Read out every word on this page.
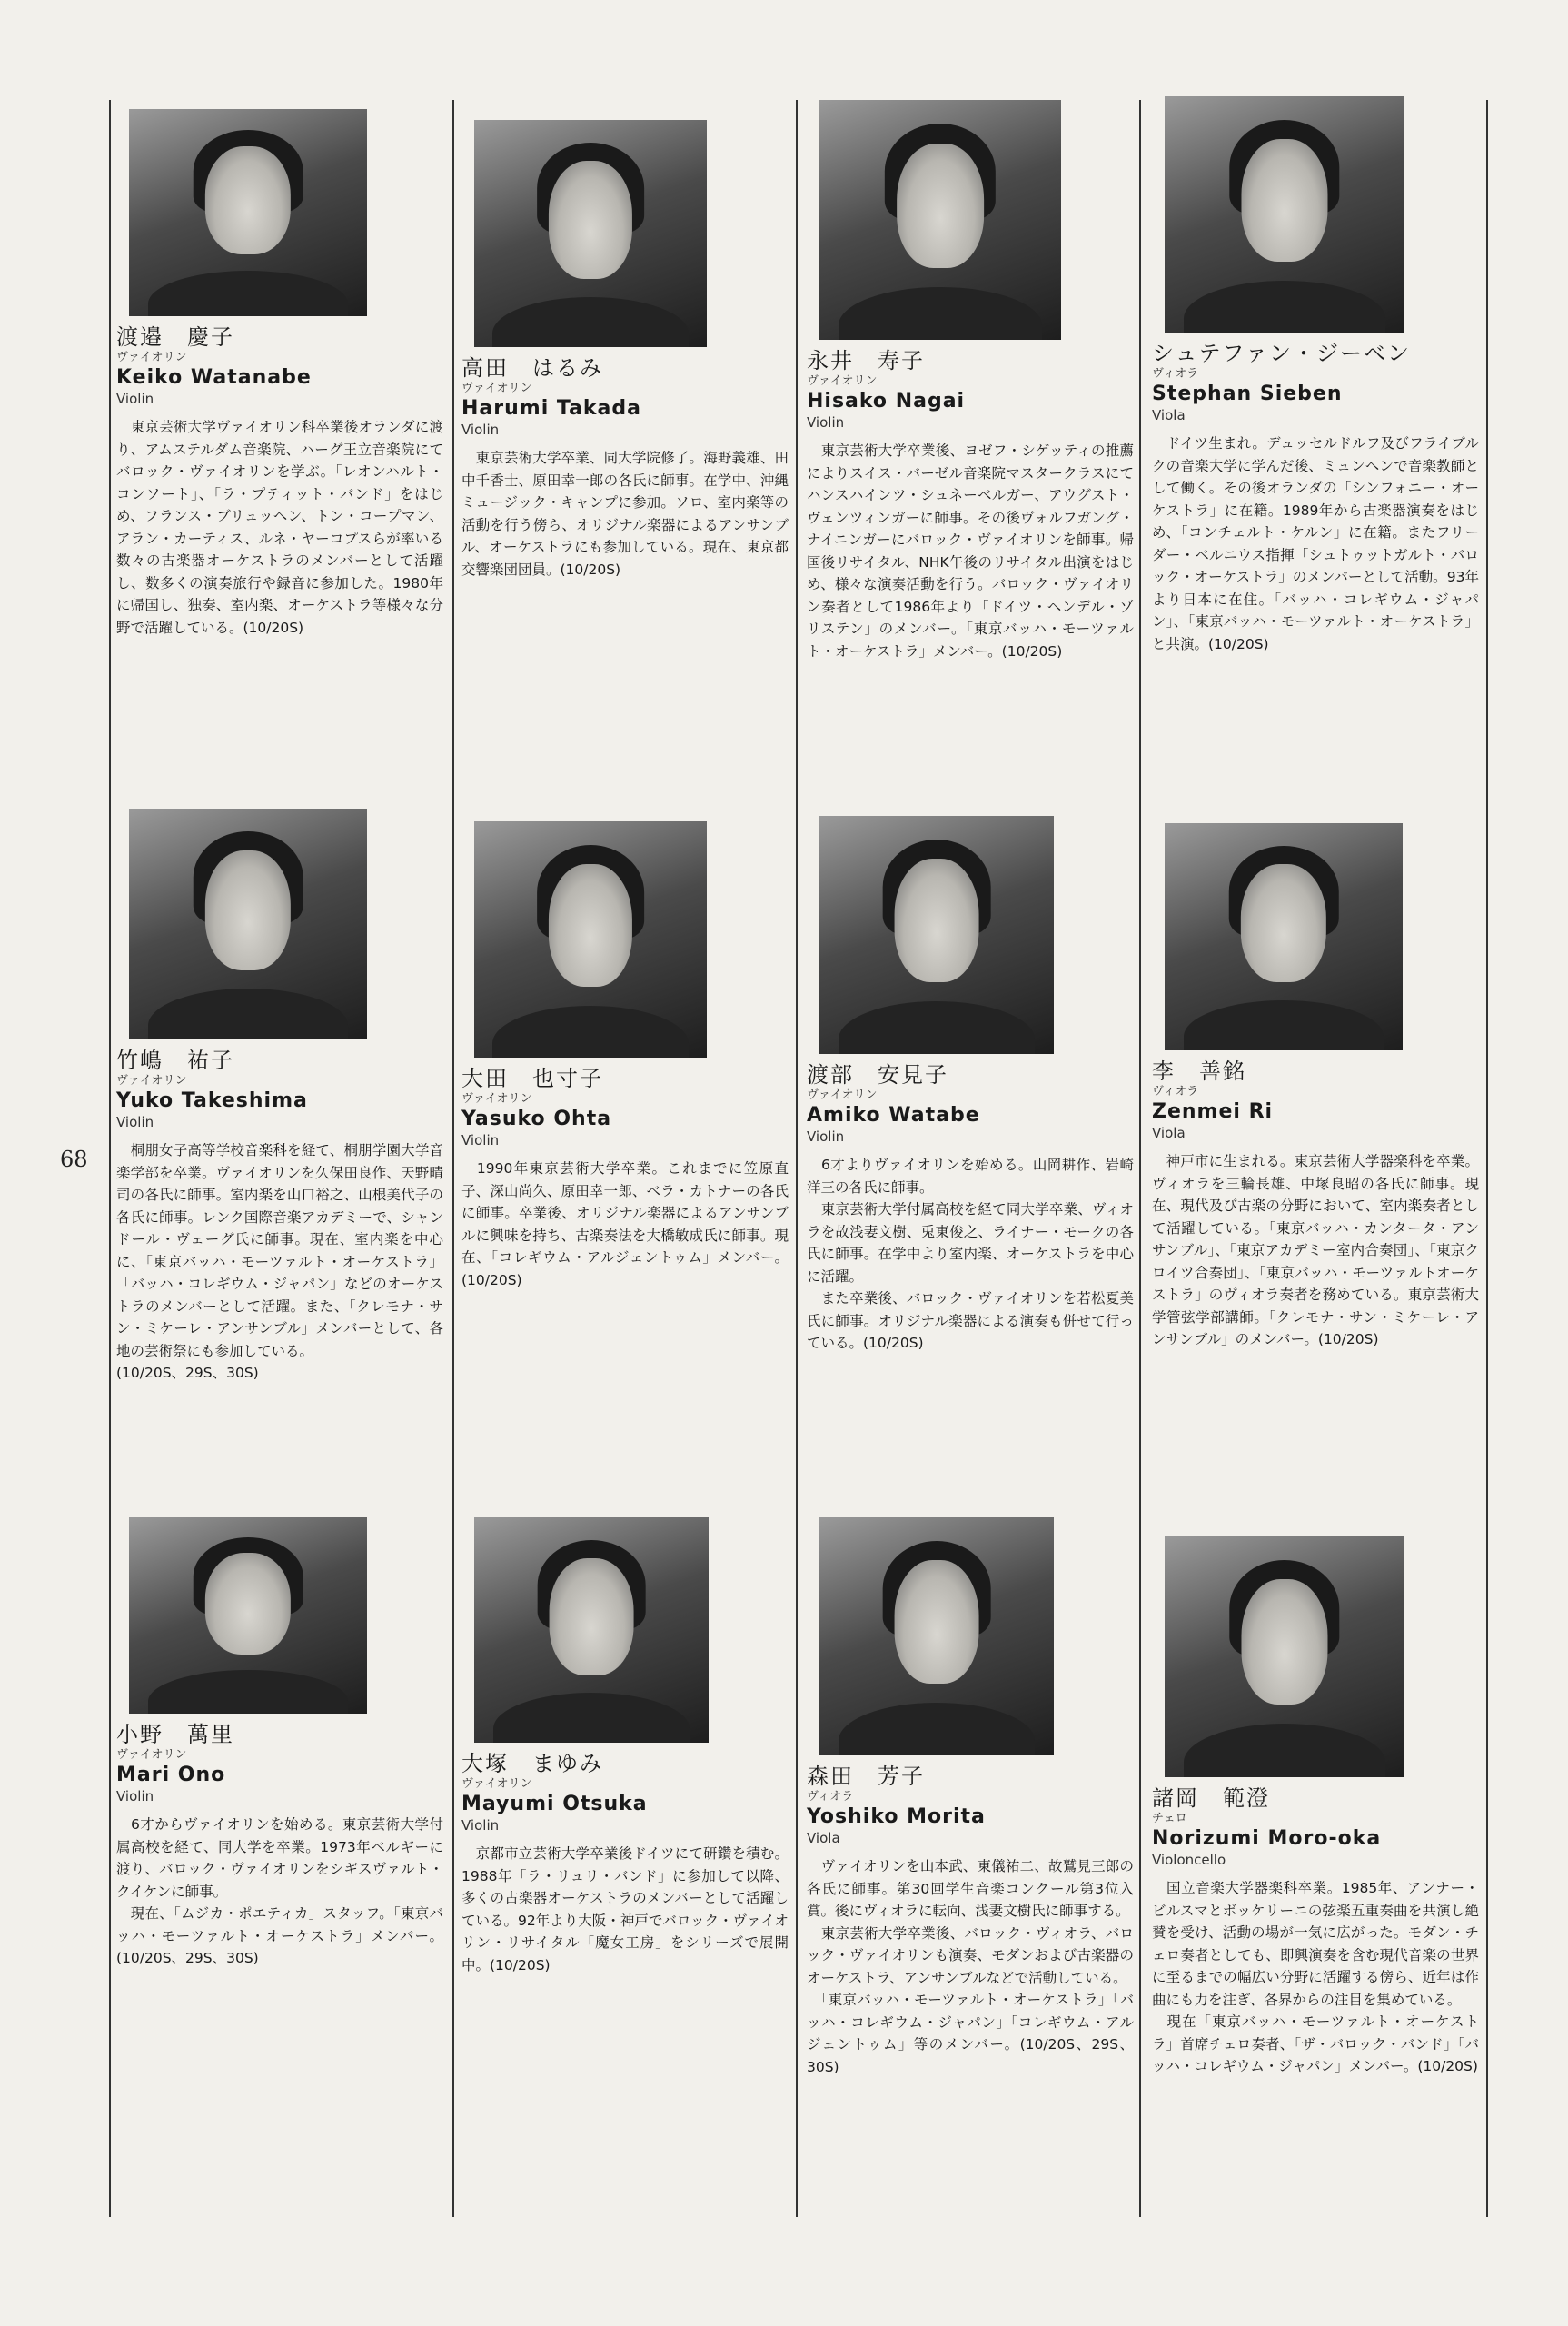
68
渡邉　慶子
ヴァイオリン
Keiko Watanabe
Violin
　東京芸術大学ヴァイオリン科卒業後オランダに渡り、アムステルダム音楽院、ハーグ王立音楽院にてバロック・ヴァイオリンを学ぶ。「レオンハルト・コンソート」、「ラ・プティット・バンド」をはじめ、フランス・ブリュッヘン、トン・コープマン、アラン・カーティス、ルネ・ヤーコプスらが率いる数々の古楽器オーケストラのメンバーとして活躍し、数多くの演奏旅行や録音に参加した。1980年に帰国し、独奏、室内楽、オーケストラ等様々な分野で活躍している。(10/20S)
高田　はるみ
ヴァイオリン
Harumi Takada
Violin
　東京芸術大学卒業、同大学院修了。海野義雄、田中千香士、原田幸一郎の各氏に師事。在学中、沖縄ミュージック・キャンプに参加。ソロ、室内楽等の活動を行う傍ら、オリジナル楽器によるアンサンブル、オーケストラにも参加している。現在、東京都交響楽団団員。(10/20S)
永井　寿子
ヴァイオリン
Hisako Nagai
Violin
　東京芸術大学卒業後、ヨゼフ・シゲッティの推薦によりスイス・バーゼル音楽院マスタークラスにてハンスハインツ・シュネーベルガー、アウグスト・ヴェンツィンガーに師事。その後ヴォルフガング・ナイニンガーにバロック・ヴァイオリンを師事。帰国後リサイタル、NHK午後のリサイタル出演をはじめ、様々な演奏活動を行う。バロック・ヴァイオリン奏者として1986年より「ドイツ・ヘンデル・ゾリステン」のメンバー。「東京バッハ・モーツァルト・オーケストラ」メンバー。(10/20S)
シュテファン・ジーベン
ヴィオラ
Stephan Sieben
Viola
　ドイツ生まれ。デュッセルドルフ及びフライブルクの音楽大学に学んだ後、ミュンヘンで音楽教師として働く。その後オランダの「シンフォニー・オーケストラ」に在籍。1989年から古楽器演奏をはじめ、「コンチェルト・ケルン」に在籍。またフリーダー・ベルニウス指揮「シュトゥットガルト・バロック・オーケストラ」のメンバーとして活動。93年より日本に在住。「バッハ・コレギウム・ジャパン」、「東京バッハ・モーツァルト・オーケストラ」と共演。(10/20S)
竹嶋　祐子
ヴァイオリン
Yuko Takeshima
Violin
　桐朋女子高等学校音楽科を経て、桐朋学園大学音楽学部を卒業。ヴァイオリンを久保田良作、天野晴司の各氏に師事。室内楽を山口裕之、山根美代子の各氏に師事。レンク国際音楽アカデミーで、シャンドール・ヴェーグ氏に師事。現在、室内楽を中心に、「東京バッハ・モーツァルト・オーケストラ」「バッハ・コレギウム・ジャパン」などのオーケストラのメンバーとして活躍。また、「クレモナ・サン・ミケーレ・アンサンブル」メンバーとして、各地の芸術祭にも参加している。
(10/20S、29S、30S)
大田　也寸子
ヴァイオリン
Yasuko Ohta
Violin
　1990年東京芸術大学卒業。これまでに笠原直子、深山尚久、原田幸一郎、ベラ・カトナーの各氏に師事。卒業後、オリジナル楽器によるアンサンブルに興味を持ち、古楽奏法を大橋敏成氏に師事。現在、「コレギウム・アルジェントゥム」メンバー。(10/20S)
渡部　安見子
ヴァイオリン
Amiko Watabe
Violin
　6才よりヴァイオリンを始める。山岡耕作、岩崎洋三の各氏に師事。
　東京芸術大学付属高校を経て同大学卒業、ヴィオラを故浅妻文樹、兎東俊之、ライナー・モークの各氏に師事。在学中より室内楽、オーケストラを中心に活躍。
　また卒業後、バロック・ヴァイオリンを若松夏美氏に師事。オリジナル楽器による演奏も併せて行っている。(10/20S)
李　善銘
ヴィオラ
Zenmei Ri
Viola
　神戸市に生まれる。東京芸術大学器楽科を卒業。ヴィオラを三輪長雄、中塚良昭の各氏に師事。現在、現代及び古楽の分野において、室内楽奏者として活躍している。「東京バッハ・カンタータ・アンサンブル」、「東京アカデミー室内合奏団」、「東京クロイツ合奏団」、「東京バッハ・モーツァルトオーケストラ」のヴィオラ奏者を務めている。東京芸術大学管弦学部講師。「クレモナ・サン・ミケーレ・アンサンブル」のメンバー。(10/20S)
小野　萬里
ヴァイオリン
Mari Ono
Violin
　6才からヴァイオリンを始める。東京芸術大学付属高校を経て、同大学を卒業。1973年ベルギーに渡り、バロック・ヴァイオリンをシギスヴァルト・クイケンに師事。
　現在、「ムジカ・ポエティカ」スタッフ。「東京バッハ・モーツァルト・オーケストラ」メンバー。(10/20S、29S、30S)
大塚　まゆみ
ヴァイオリン
Mayumi Otsuka
Violin
　京都市立芸術大学卒業後ドイツにて研鑽を積む。1988年「ラ・リュリ・バンド」に参加して以降、多くの古楽器オーケストラのメンバーとして活躍している。92年より大阪・神戸でバロック・ヴァイオリン・リサイタル「魔女工房」をシリーズで展開中。(10/20S)
森田　芳子
ヴィオラ
Yoshiko Morita
Viola
　ヴァイオリンを山本武、東儀祐二、故鷲見三郎の各氏に師事。第30回学生音楽コンクール第3位入賞。後にヴィオラに転向、浅妻文樹氏に師事する。
　東京芸術大学卒業後、バロック・ヴィオラ、バロック・ヴァイオリンも演奏、モダンおよび古楽器のオーケストラ、アンサンブルなどで活動している。
　「東京バッハ・モーツァルト・オーケストラ」「バッハ・コレギウム・ジャパン」「コレギウム・アルジェントゥム」等のメンバー。(10/20S、29S、30S)
諸岡　範澄
チェロ
Norizumi Moro-oka
Violoncello
　国立音楽大学器楽科卒業。1985年、アンナー・ビルスマとボッケリーニの弦楽五重奏曲を共演し絶賛を受け、活動の場が一気に広がった。モダン・チェロ奏者としても、即興演奏を含む現代音楽の世界に至るまでの幅広い分野に活躍する傍ら、近年は作曲にも力を注ぎ、各界からの注目を集めている。
　現在「東京バッハ・モーツァルト・オーケストラ」首席チェロ奏者、「ザ・バロック・バンド」「バッハ・コレギウム・ジャパン」メンバー。(10/20S)
